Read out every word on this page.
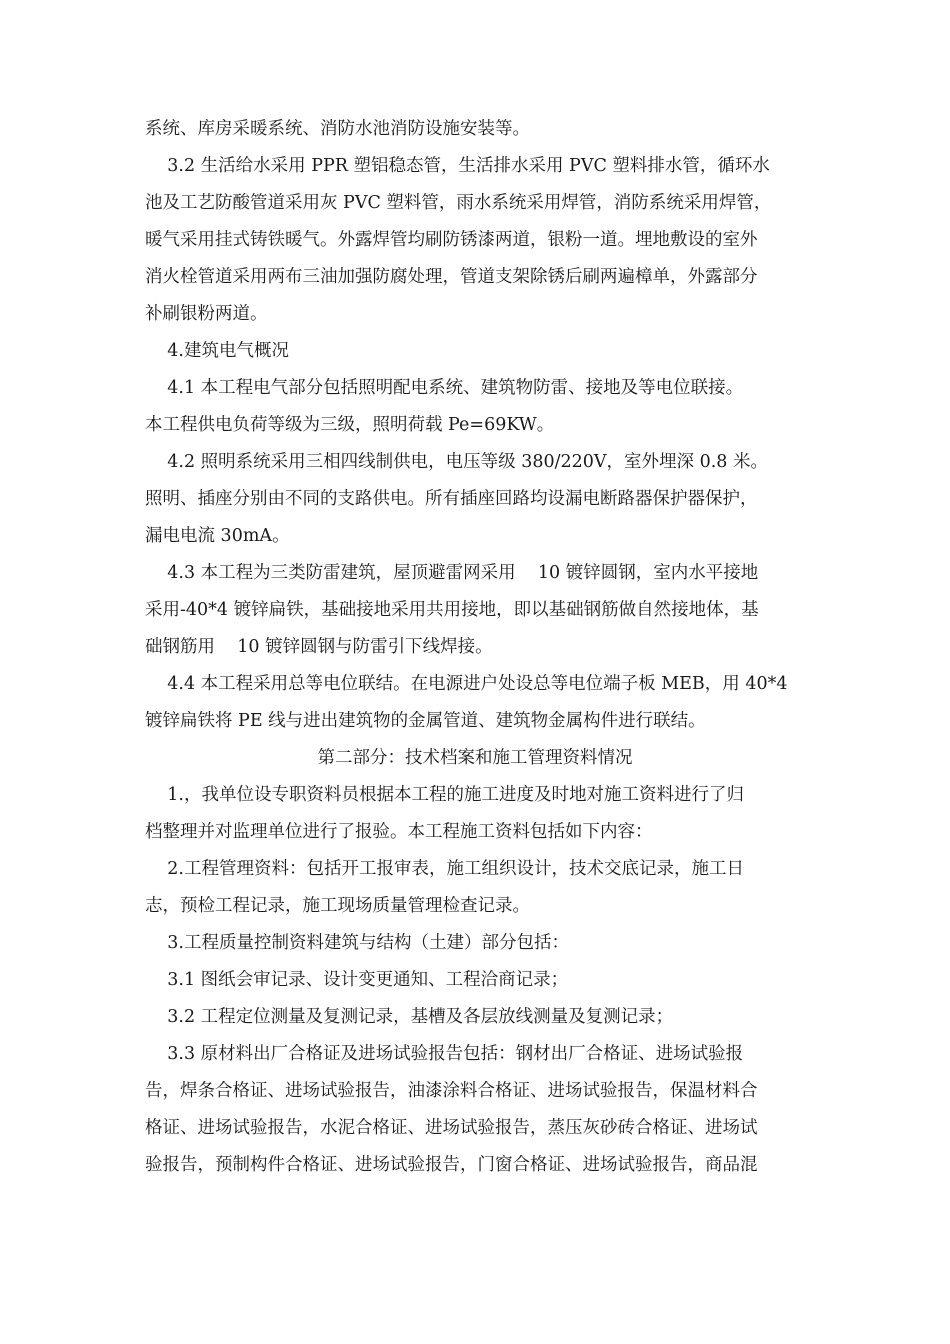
系统、库房采暖系统、消防水池消防设施安装等。
3.2 生活给水采用 PPR 塑铝稳态管，生活排水采用 PVC 塑料排水管，循环水
池及工艺防酸管道采用灰 PVC 塑料管，雨水系统采用焊管，消防系统采用焊管，
暖气采用挂式铸铁暖气。外露焊管均刷防锈漆两道，银粉一道。埋地敷设的室外
消火栓管道采用两布三油加强防腐处理，管道支架除锈后刷两遍樟单，外露部分
补刷银粉两道。
4.建筑电气概况
4.1 本工程电气部分包括照明配电系统、建筑物防雷、接地及等电位联接。
本工程供电负荷等级为三级，照明荷载 Pe=69KW。
4.2 照明系统采用三相四线制供电，电压等级 380/220V，室外埋深 0.8 米。
照明、插座分别由不同的支路供电。所有插座回路均设漏电断路器保护器保护，
漏电电流 30mA。
4.3 本工程为三类防雷建筑，屋顶避雷网采用    10 镀锌圆钢，室内水平接地
采用-40*4 镀锌扁铁，基础接地采用共用接地，即以基础钢筋做自然接地体，基
础钢筋用    10 镀锌圆钢与防雷引下线焊接。
4.4 本工程采用总等电位联结。在电源进户处设总等电位端子板 MEB，用 40*4
镀锌扁铁将 PE 线与进出建筑物的金属管道、建筑物金属构件进行联结。
第二部分：技术档案和施工管理资料情况
1.，我单位设专职资料员根据本工程的施工进度及时地对施工资料进行了归
档整理并对监理单位进行了报验。本工程施工资料包括如下内容：
2.工程管理资料：包括开工报审表，施工组织设计，技术交底记录，施工日
志，预检工程记录，施工现场质量管理检查记录。
3.工程质量控制资料建筑与结构（土建）部分包括：
3.1 图纸会审记录、设计变更通知、工程洽商记录；
3.2 工程定位测量及复测记录，基槽及各层放线测量及复测记录；
3.3 原材料出厂合格证及进场试验报告包括：钢材出厂合格证、进场试验报
告，焊条合格证、进场试验报告，油漆涂料合格证、进场试验报告，保温材料合
格证、进场试验报告，水泥合格证、进场试验报告，蒸压灰砂砖合格证、进场试
验报告，预制构件合格证、进场试验报告，门窗合格证、进场试验报告，商品混
